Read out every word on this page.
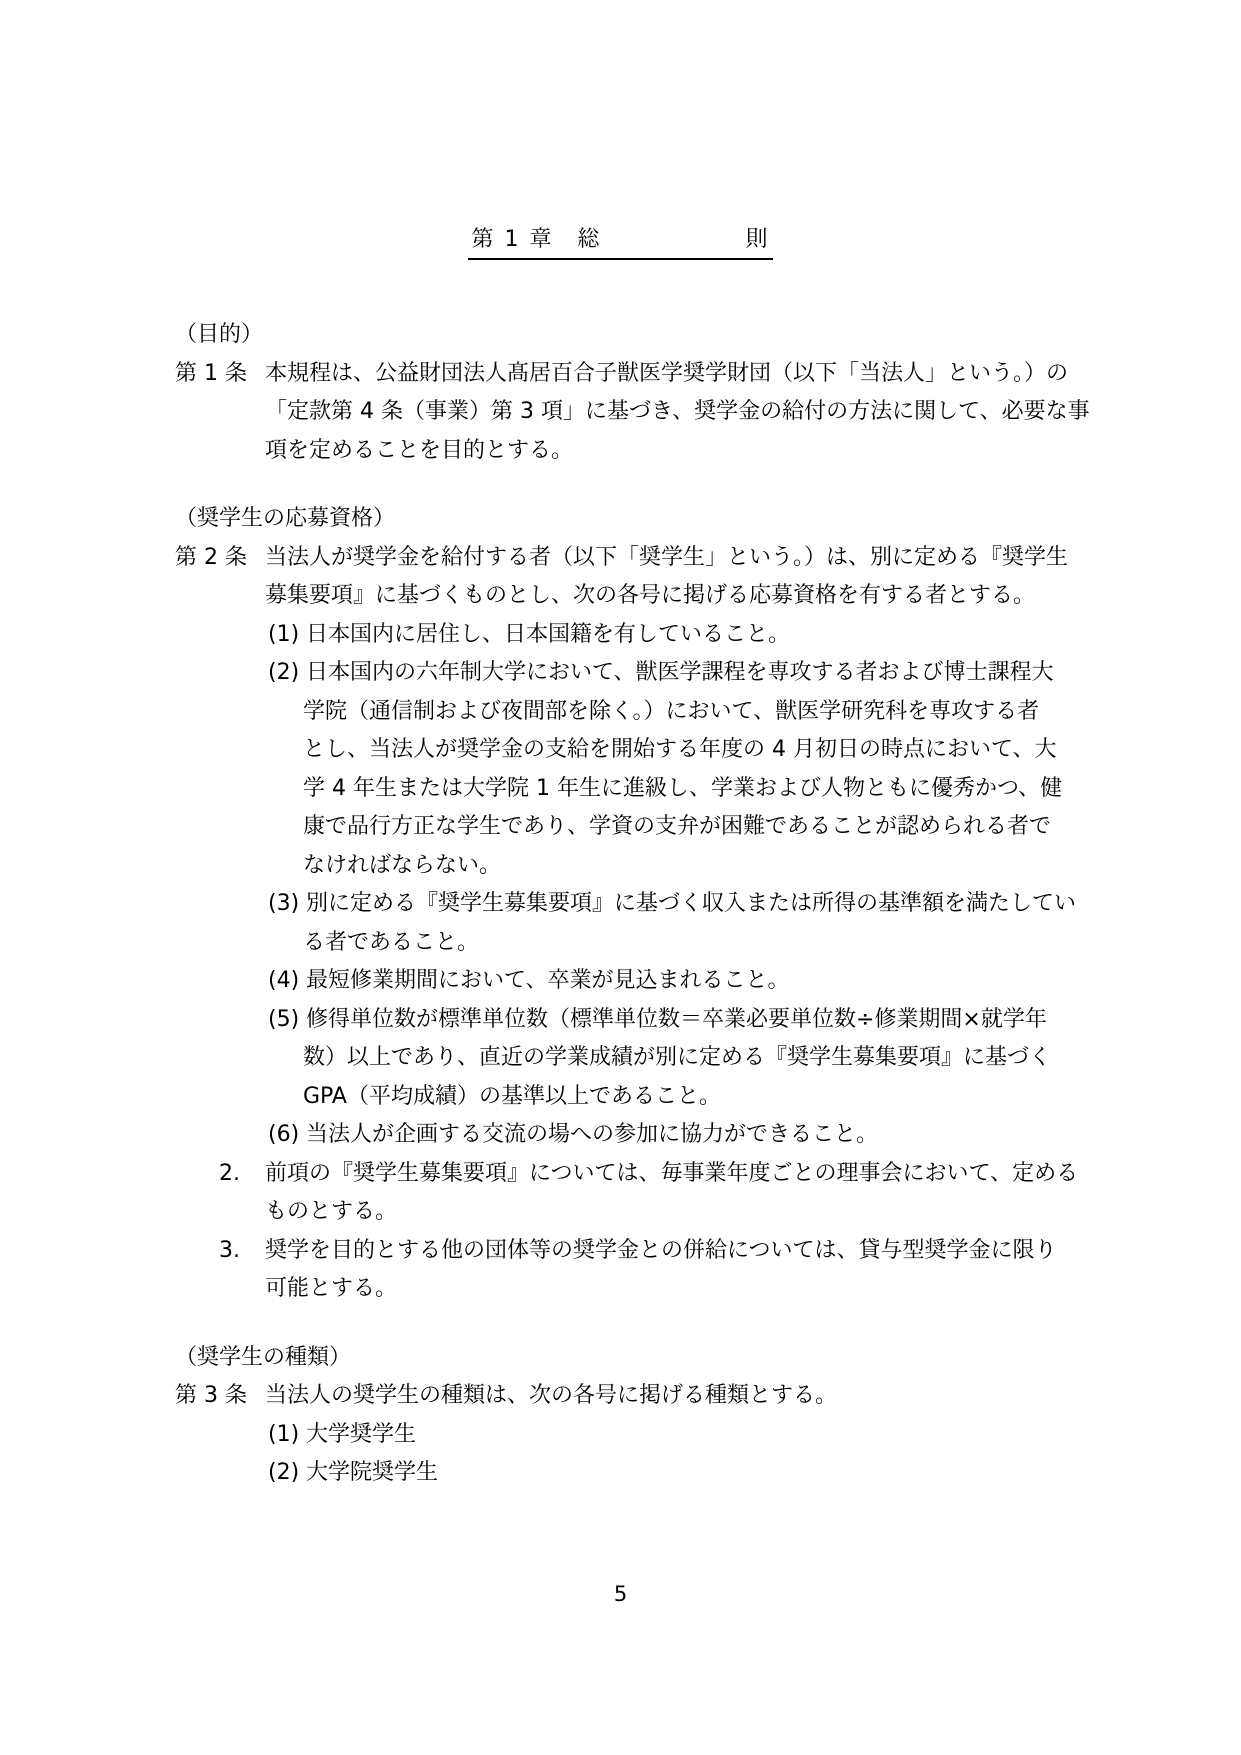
第 1 章　総　　　　　　則
（目的）
第 1 条 本規程は、公益財団法人髙居百合子獣医学奨学財団（以下「当法人」という。）の
「定款第 4 条（事業）第 3 項」に基づき、奨学金の給付の方法に関して、必要な事
項を定めることを目的とする。
（奨学生の応募資格）
第 2 条 当法人が奨学金を給付する者（以下「奨学生」という。）は、別に定める『奨学生
募集要項』に基づくものとし、次の各号に掲げる応募資格を有する者とする。
(1) 日本国内に居住し、日本国籍を有していること。
(2) 日本国内の六年制大学において、獣医学課程を専攻する者および博士課程大
学院（通信制および夜間部を除く。）において、獣医学研究科を専攻する者
とし、当法人が奨学金の支給を開始する年度の 4 月初日の時点において、大
学 4 年生または大学院 1 年生に進級し、学業および人物ともに優秀かつ、健
康で品行方正な学生であり、学資の支弁が困難であることが認められる者で
なければならない。
(3) 別に定める『奨学生募集要項』に基づく収入または所得の基準額を満たしてい
る者であること。
(4) 最短修業期間において、卒業が見込まれること。
(5) 修得単位数が標準単位数（標準単位数＝卒業必要単位数÷修業期間×就学年
数）以上であり、直近の学業成績が別に定める『奨学生募集要項』に基づく
GPA（平均成績）の基準以上であること。
(6) 当法人が企画する交流の場への参加に協力ができること。
2. 前項の『奨学生募集要項』については、毎事業年度ごとの理事会において、定める
ものとする。
3. 奨学を目的とする他の団体等の奨学金との併給については、貸与型奨学金に限り
可能とする。
（奨学生の種類）
第 3 条 当法人の奨学生の種類は、次の各号に掲げる種類とする。
(1) 大学奨学生
(2) 大学院奨学生
5
